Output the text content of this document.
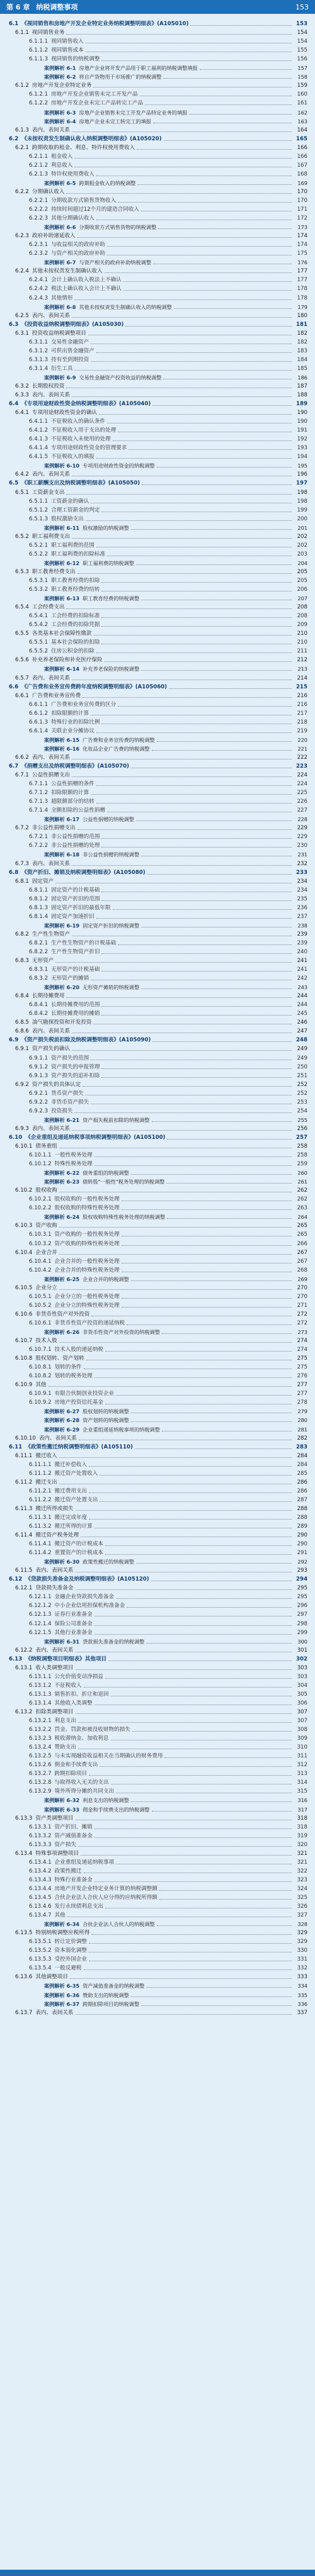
第 6 章 纳税调整事项	153
6.1 《视同销售和房地产开发企业特定业务纳税调整明细表》(A105010)	153
6.1.1 视同销售业务	154
6.1.1.1 视同销售收入	154
6.1.1.2 视同销售成本	155
6.1.1.3 视同销售的纳税调整	156
案例解析 6-1 房地产企业将开发产品用于职工福利的纳税调整填报	157
案例解析 6-2 将自产货物用于市场推广的纳税调整	158
6.1.2 房地产开发企业特定业务	159
6.1.2.1 房地产开发企业销售未完工开发产品	160
6.1.2.2 房地产开发企业未完工产品转完工产品	161
案例解析 6-3 房地产企业销售未完工开发产品特定业务的填报	162
案例解析 6-4 房地产企业未完工转完工的填报	163
6.1.3 表内、表间关系	164
6.2 《未按权责发生制确认收入纳税调整明细表》(A105020)	165
6.2.1 跨期收取的租金、利息、特许权使用费收入	166
6.2.1.1 租金收入	166
6.2.1.2 利息收入	167
6.2.1.3 特许权使用费收入	168
案例解析 6-5 跨期租金收入的纳税调整	169
6.2.2 分期确认收入	170
6.2.2.1 分期收款方式销售货物收入	170
6.2.2.2 持续时间超过12个月的建造合同收入	171
6.2.2.3 其他分期确认收入	172
案例解析 6-6 分期收款方式销售货物的纳税调整	173
6.2.3 政府补助递延收入	174
6.2.3.1 与收益相关的政府补助	174
6.2.3.2 与资产相关的政府补助	175
案例解析 6-7 与资产相关的政府补助纳税调整	176
6.2.4 其他未按权责发生制确认收入	177
6.2.4.1 会计上确认收入税法上不确认	177
6.2.4.2 税法上确认收入会计上不确认	178
6.2.4.3 其他情形	178
案例解析 6-8 其他未按权责发生制确认收入的纳税调整	179
6.2.5 表内、表间关系	180
6.3 《投资收益纳税调整明细表》(A105030)	181
6.3.1 投资收益纳税调整项目	182
6.3.1.1 交易性金融资产	182
6.3.1.2 可供出售金融资产	183
6.3.1.3 持有至到期投资	184
6.3.1.4 衍生工具	185
案例解析 6-9 交易性金融资产投资收益的纳税调整	186
6.3.2 长期股权投资	187
6.3.3 表内、表间关系	188
6.4 《专项用途财政性资金纳税调整明细表》(A105040)	189
6.4.1 专项用途财政性资金的确认	190
6.4.1.1 不征税收入的确认条件	190
6.4.1.2 不征税收入用于支出的处理	191
6.4.1.3 不征税收入未使用的处理	192
6.4.1.4 专项用途财政性资金的管理要求	193
6.4.1.5 不征税收入的填报	194
案例解析 6-10 专项用途财政性资金的纳税调整	195
6.4.2 表内、表间关系	196
6.5 《职工薪酬支出及纳税调整明细表》(A105050)	197
6.5.1 工资薪金支出	198
6.5.1.1 工资薪金的确认	198
6.5.1.2 合理工资薪金的判定	199
6.5.1.3 股权激励支出	200
案例解析 6-11 股权激励的纳税调整	201
6.5.2 职工福利费支出	202
6.5.2.1 职工福利费的范围	202
6.5.2.2 职工福利费的扣除标准	203
案例解析 6-12 职工福利费的纳税调整	204
6.5.3 职工教育经费支出	205
6.5.3.1 职工教育经费的扣除	205
6.5.3.2 职工教育经费的结转	206
案例解析 6-13 职工教育经费的纳税调整	207
6.5.4 工会经费支出	208
6.5.4.1 工会经费的扣除标准	208
6.5.4.2 工会经费的扣除凭据	209
6.5.5 各类基本社会保障性缴款	210
6.5.5.1 基本社会保险的扣除	210
6.5.5.2 住房公积金的扣除	211
6.5.6 补充养老保险和补充医疗保险	212
案例解析 6-14 补充养老保险的纳税调整	213
6.5.7 表内、表间关系	214
6.6 《广告费和业务宣传费跨年度纳税调整明细表》(A105060)	215
6.6.1 广告费和业务宣传费	216
6.6.1.1 广告费和业务宣传费的区分	216
6.6.1.2 扣除限额的计算	217
6.6.1.3 特殊行业的扣除比例	218
6.6.1.4 关联企业分摊协议	219
案例解析 6-15 广告费和业务宣传费的纳税调整	220
案例解析 6-16 化妆品企业广告费的纳税调整	221
6.6.2 表内、表间关系	222
6.7 《捐赠支出及纳税调整明细表》(A105070)	223
6.7.1 公益性捐赠支出	224
6.7.1.1 公益性捐赠的条件	224
6.7.1.2 扣除限额的计算	225
6.7.1.3 超限额部分的结转	226
6.7.1.4 全额扣除的公益性捐赠	227
案例解析 6-17 公益性捐赠的纳税调整	228
6.7.2 非公益性捐赠支出	229
6.7.2.1 非公益性捐赠的范围	229
6.7.2.2 非公益性捐赠的处理	230
案例解析 6-18 非公益性捐赠的纳税调整	231
6.7.3 表内、表间关系	232
6.8 《资产折旧、摊销及纳税调整明细表》(A105080)	233
6.8.1 固定资产	234
6.8.1.1 固定资产的计税基础	234
6.8.1.2 固定资产折旧的范围	235
6.8.1.3 固定资产折旧的最低年限	236
6.8.1.4 固定资产加速折旧	237
案例解析 6-19 固定资产折旧的纳税调整	238
6.8.2 生产性生物资产	239
6.8.2.1 生产性生物资产的计税基础	239
6.8.2.2 生产性生物资产折旧	240
6.8.3 无形资产	241
6.8.3.1 无形资产的计税基础	241
6.8.3.2 无形资产的摊销	242
案例解析 6-20 无形资产摊销的纳税调整	243
6.8.4 长期待摊费用	244
6.8.4.1 长期待摊费用的范围	244
6.8.4.2 长期待摊费用的摊销	245
6.8.5 油气勘探投资和开发投资	246
6.8.6 表内、表间关系	247
6.9 《资产损失税前扣除及纳税调整明细表》(A105090)	248
6.9.1 资产损失的确认	249
6.9.1.1 资产损失的范围	249
6.9.1.2 资产损失的申报管理	250
6.9.1.3 资产损失的追补扣除	251
6.9.2 资产损失的具体认定	252
6.9.2.1 货币资产损失	252
6.9.2.2 非货币资产损失	253
6.9.2.3 投资损失	254
案例解析 6-21 资产损失税前扣除的纳税调整	255
6.9.3 表内、表间关系	256
6.10 《企业重组及递延纳税事项纳税调整明细表》(A105100)	257
6.10.1 债务重组	258
6.10.1.1 一般性税务处理	258
6.10.1.2 特殊性税务处理	259
案例解析 6-22 债务重组的纳税调整	260
案例解析 6-23 债转股"一般性"税务处理的纳税调整	261
6.10.2 股权收购	262
6.10.2.1 股权收购的一般性税务处理	262
6.10.2.2 股权收购的特殊性税务处理	263
案例解析 6-24 股权收购特殊性税务处理的纳税调整	264
6.10.3 资产收购	265
6.10.3.1 资产收购的一般性税务处理	265
6.10.3.2 资产收购的特殊性税务处理	266
6.10.4 企业合并	267
6.10.4.1 企业合并的一般性税务处理	267
6.10.4.2 企业合并的特殊性税务处理	268
案例解析 6-25 企业合并的纳税调整	269
6.10.5 企业分立	270
6.10.5.1 企业分立的一般性税务处理	270
6.10.5.2 企业分立的特殊性税务处理	271
6.10.6 非货币性资产对外投资	272
6.10.6.1 非货币性资产投资的递延纳税	272
案例解析 6-26 非货币性资产对外投资的纳税调整	273
6.10.7 技术入股	274
6.10.7.1 技术入股的递延纳税	274
6.10.8 股权划转、资产划转	275
6.10.8.1 划转的条件	275
6.10.8.2 划转的税务处理	276
6.10.9 其他	277
6.10.9.1 有限合伙制创业投资企业	277
6.10.9.2 房地产投资信托基金	278
案例解析 6-27 股权划转的纳税调整	279
案例解析 6-28 资产划转的纳税调整	280
案例解析 6-29 企业重组递延纳税事项的纳税调整	281
6.10.10 表内、表间关系	282
6.11 《政策性搬迁纳税调整明细表》(A105110)	283
6.11.1 搬迁收入	284
6.11.1.1 搬迁补偿收入	284
6.11.1.2 搬迁资产处置收入	285
6.11.2 搬迁支出	286
6.11.2.1 搬迁费用支出	286
6.11.2.2 搬迁资产处置支出	287
6.11.3 搬迁所得或损失	288
6.11.3.1 搬迁完成年度	288
6.11.3.2 搬迁所得的计算	289
6.11.4 搬迁资产税务处理	290
6.11.4.1 搬迁资产的计税成本	290
6.11.4.2 重置资产的计税成本	291
案例解析 6-30 政策性搬迁的纳税调整	292
6.11.5 表内、表间关系	293
6.12 《贷款损失准备金及纳税调整明细表》(A105120)	294
6.12.1 贷款损失准备金	295
6.12.1.1 金融企业贷款损失准备金	295
6.12.1.2 中小企业信用担保机构准备金	296
6.12.1.3 证券行业准备金	297
6.12.1.4 保险公司准备金	298
6.12.1.5 其他行业准备金	299
案例解析 6-31 贷款损失准备金的纳税调整	300
6.12.2 表内、表间关系	301
6.13 《纳税调整项目明细表》其他项目	302
6.13.1 收入类调整项目	303
6.13.1.1 公允价值变动净损益	303
6.13.1.2 不征税收入	304
6.13.1.3 销售折扣、折让和退回	305
6.13.1.4 其他收入类调整	306
6.13.2 扣除类调整项目	307
6.13.2.1 利息支出	307
6.13.2.2 罚金、罚款和被没收财物的损失	308
6.13.2.3 税收滞纳金、加收利息	309
6.13.2.4 赞助支出	310
6.13.2.5 与未实现融资收益相关在当期确认的财务费用	311
6.13.2.6 佣金和手续费支出	312
6.13.2.7 跨期扣除项目	313
6.13.2.8 与取得收入无关的支出	314
6.13.2.9 境外所得分摊的共同支出	315
案例解析 6-32 利息支出的纳税调整	316
案例解析 6-33 佣金和手续费支出的纳税调整	317
6.13.3 资产类调整项目	318
6.13.3.1 资产折旧、摊销	318
6.13.3.2 资产减值准备金	319
6.13.3.3 资产损失	320
6.13.4 特殊事项调整项目	321
6.13.4.1 企业重组及递延纳税事项	321
6.13.4.2 政策性搬迁	322
6.13.4.3 特殊行业准备金	323
6.13.4.4 房地产开发企业特定业务计算的纳税调整额	324
6.13.4.5 合伙企业法人合伙人应分得的应纳税所得额	325
6.13.4.6 发行永续债利息支出	326
6.13.4.7 其他	327
案例解析 6-34 合伙企业法人合伙人的纳税调整	328
6.13.5 特别纳税调整应税所得	329
6.13.5.1 转让定价调整	329
6.13.5.2 资本弱化调整	330
6.13.5.3 受控外国企业	331
6.13.5.4 一般反避税	332
6.13.6 其他调整项目	333
案例解析 6-35 资产减值准备金的纳税调整	334
案例解析 6-36 赞助支出的纳税调整	335
案例解析 6-37 跨期扣除项目的纳税调整	336
6.13.7 表内、表间关系	337
